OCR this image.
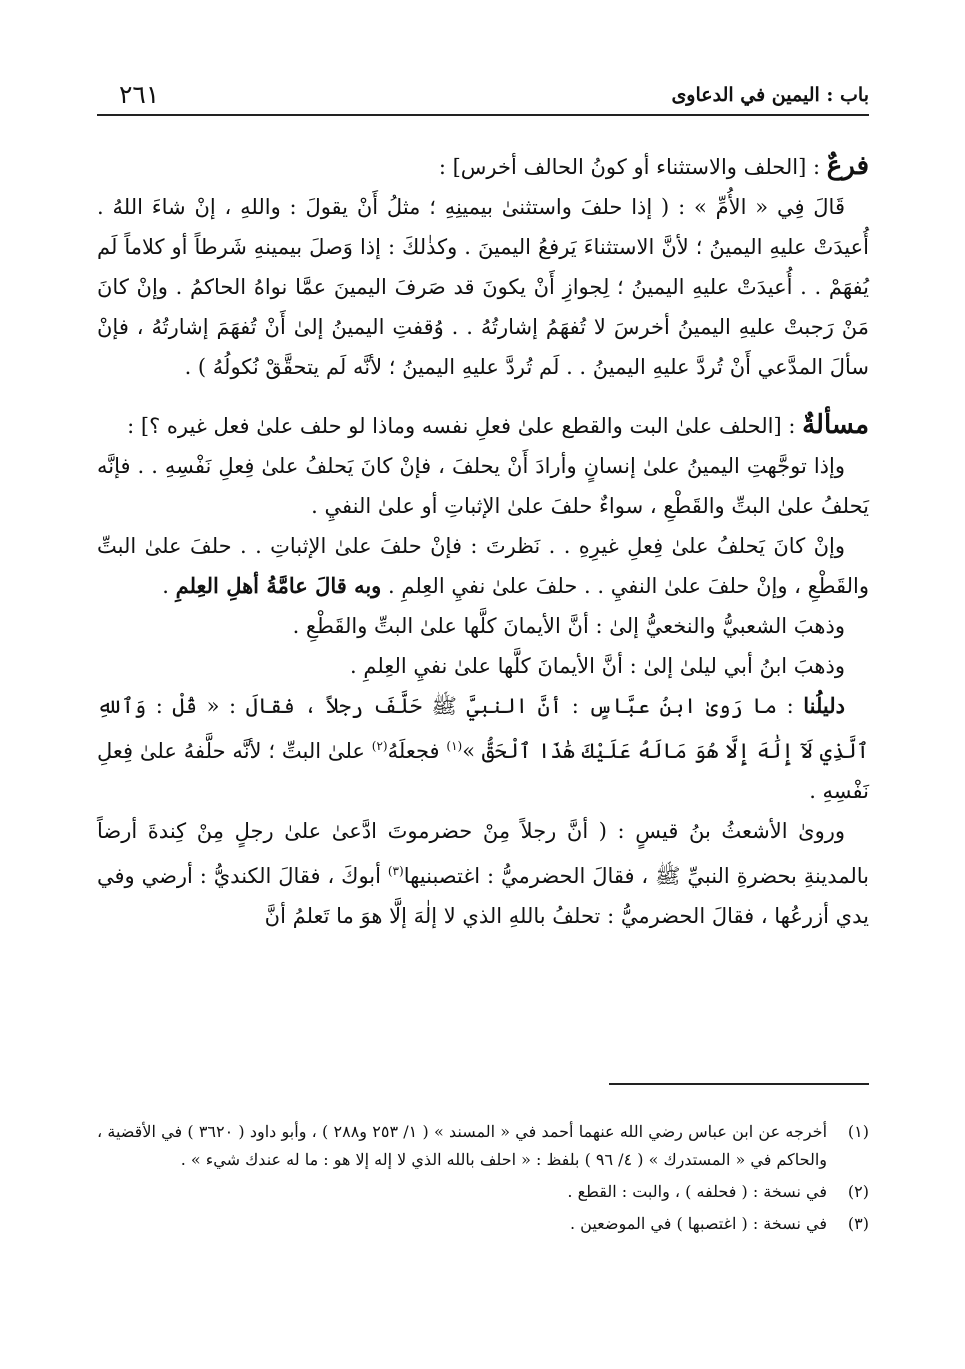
باب : اليمين في الدعاوى
٢٦١

فرعٌ : [الحلف والاستثناء أو كونُ الحالف أخرس] :

قَالَ فِي « الأُمِّ » : ( إذا حلفَ واستثنىٰ بيمينِهِ ؛ مثلُ أَنْ يقولَ : واللهِ ، إنْ شاءَ اللهُ . أُعيدَتْ عليهِ اليمينُ ؛ لأنَّ الاستثناءَ يَرفعُ اليمينَ . وكذٰلكَ : إذا وَصلَ بيمينهِ شَرطاً أو كلاماً لَم يُفهَمْ . . أُعيدَتْ عليهِ اليمينُ ؛ لِجوازِ أَنْ يكونَ قد صَرفَ اليمينَ عمَّا نواهُ الحاكمُ . وإنْ كانَ مَنْ رَجبتْ عليهِ اليمينُ أخرسَ لا تُفهَمُ إشارتُهُ . . وُقفتِ اليمينُ إلىٰ أَنْ تُفهَمَ إشارتُهُ ، فإنْ سألَ المدَّعي أَنْ تُردَّ عليهِ اليمينُ . . لَم تُردَّ عليهِ اليمينُ ؛ لأنَّه لَم يتحقَّقْ نُكولُهُ ) .

مسألةٌ : [الحلف علىٰ البت والقطع علىٰ فعلِ نفسه وماذا لو حلف علىٰ فعل غيره ؟] :

وإذا توجَّهتِ اليمينُ علىٰ إنسانٍ وأرادَ أَنْ يحلفَ ، فإنْ كانَ يَحلفُ علىٰ فِعلِ نَفْسِهِ . . فإنَّه يَحلفُ علىٰ البتِّ والقَطْعِ ، سواءٌ حلفَ علىٰ الإثباتِ أو علىٰ النفيِ .

وإنْ كانَ يَحلفُ علىٰ فِعلِ غيرِهِ . . نَظرتَ : فإنْ حلفَ علىٰ الإثباتِ . . حلفَ علىٰ البتِّ والقَطْعِ ، وإنْ حلفَ علىٰ النفيِ . . حلفَ علىٰ نفيِ العِلمِ . وبه قالَ عامَّةُ أهلِ العِلمِ .

وذهبَ الشعبيُّ والنخعيُّ إلىٰ : أنَّ الأيمانَ كلَّها علىٰ البتِّ والقَطْعِ .

وذهبَ ابنُ أبي ليلىٰ إلىٰ : أنَّ الأيمانَ كلَّها علىٰ نفيِ العِلمِ .

دليلُنا : ما رَوىٰ ابنُ عبَّاسٍ : أنَّ النبيَّ ﷺ حَلَّفَ رجلاً ، فقالَ : « قُلْ : وَٱللهِ ٱلَّذِي لَآ إِلَٰهَ إِلَّا هُوَ مَالَهُ عَلَيْكَ هَٰذَا ٱلْحَقُّ »$^{(١)}$ فجعلَهُ$^{(٢)}$ علىٰ البتِّ ؛ لأنَّه حلَّفهُ علىٰ فِعلِ نَفْسِهِ .

وروىٰ الأشعثُ بنُ قيسٍ : ( أنَّ رجلاً مِنْ حضرموتَ ادَّعىٰ علىٰ رجلٍ مِنْ كِندةَ أرضاً بالمدينةِ بحضرةِ النبيِّ ﷺ ، فقالَ الحضرميُّ : اغتصبنيها$^{(٣)}$ أبوكَ ، فقالَ الكنديُّ : أرضي وفي يدي أزرعُها ، فقالَ الحضرميُّ : تحلفُ باللهِ الذي لا إلٰهَ إلَّا هوَ ما تَعلمُ أنَّ

(١)
أخرجه عن ابن عباس رضي الله عنهما أحمد في « المسند » ( ١/ ٢٥٣ و٢٨٨ ) ، وأبو داود ( ٣٦٢٠ ) في الأقضية ، والحاكم في « المستدرك » ( ٤/ ٩٦ ) بلفظ : « احلف بالله الذي لا إله إلا هو : ما له عندك شيء » .
(٢)
في نسخة : ( فحلفه ) ، والبت : القطع .
(٣)
في نسخة : ( اغتصبها ) في الموضعين .
